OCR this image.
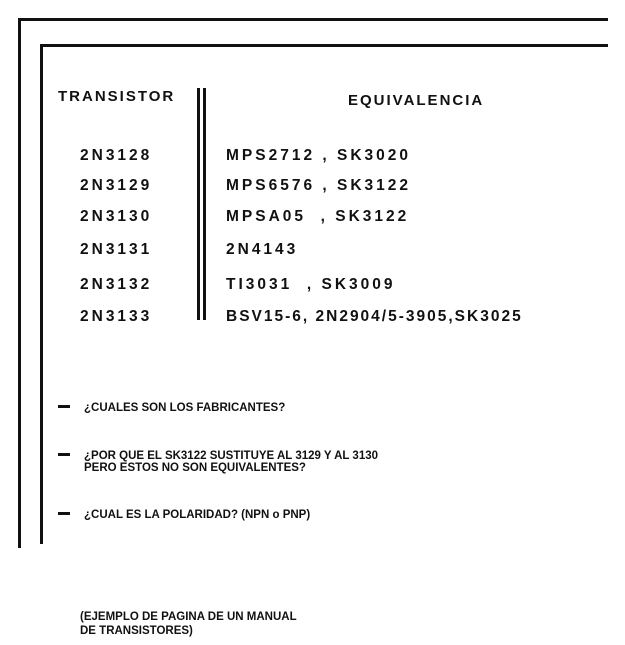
TRANSISTOR	EQUIVALENCIA
2N3128	MPS2712 , SK3020
2N3129	MPS6576 , SK3122
2N3130	MPSA05  , SK3122
2N3131	2N4143
2N3132	TI3031  , SK3009
2N3133	BSV15-6, 2N2904/5-3905,SK3025
¿CUALES SON LOS FABRICANTES?
¿POR QUE EL SK3122 SUSTITUYE AL 3129 Y AL 3130
PERO ESTOS NO SON EQUIVALENTES?
¿CUAL ES LA POLARIDAD? (NPN o PNP)
(EJEMPLO DE PAGINA DE UN MANUAL
DE TRANSISTORES)
